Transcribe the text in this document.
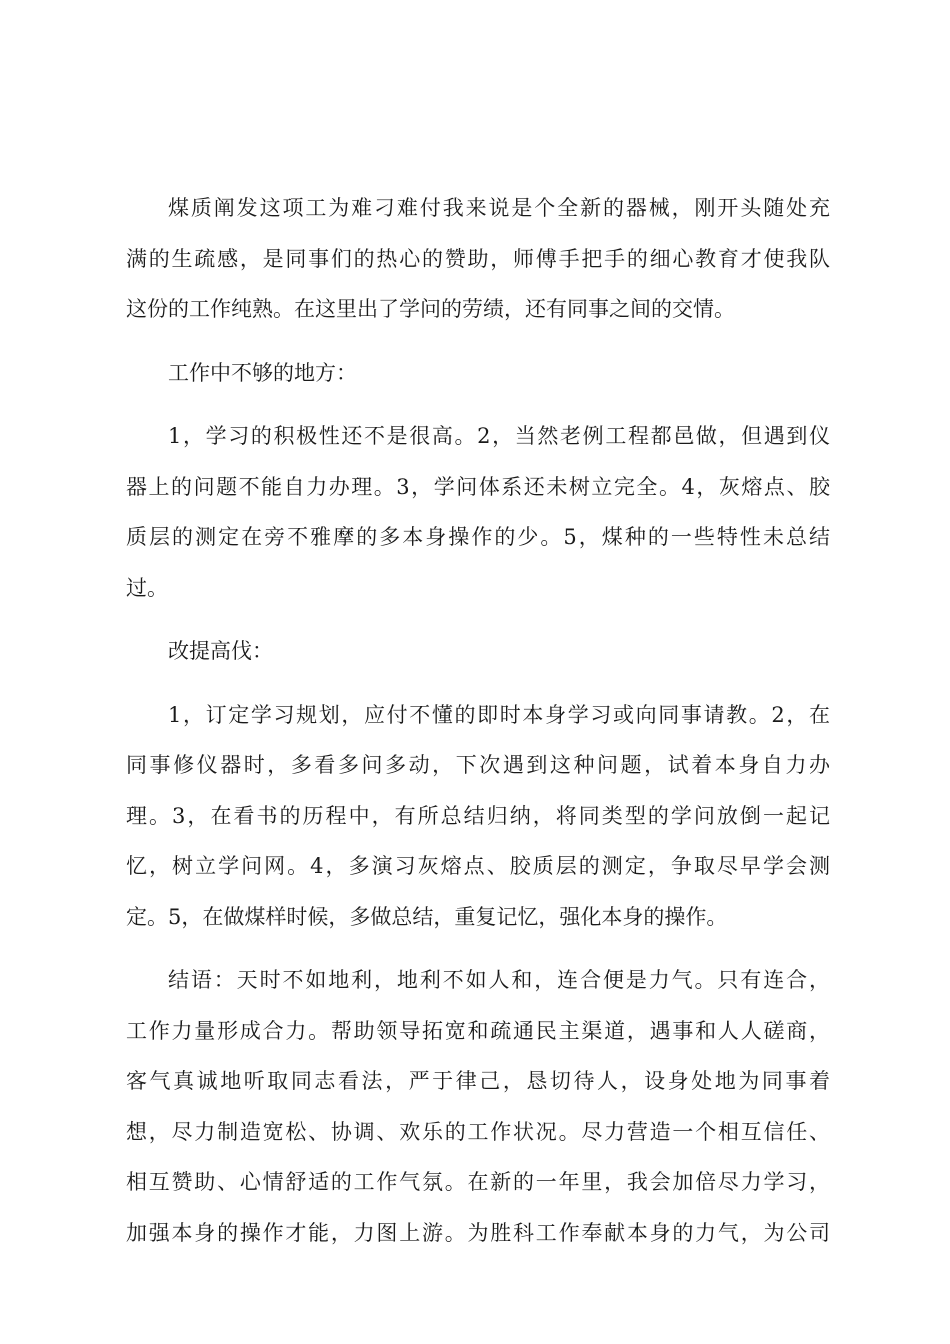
煤质阐发这项工为难刁难付我来说是个全新的器械，刚开头随处充
满的生疏感，是同事们的热心的赞助，师傅手把手的细心教育才使我队
这份的工作纯熟。在这里出了学问的劳绩，还有同事之间的交情。

工作中不够的地方：

1，学习的积极性还不是很高。2，当然老例工程都邑做，但遇到仪
器上的问题不能自力办理。3，学问体系还未树立完全。4，灰熔点、胶
质层的测定在旁不雅摩的多本身操作的少。5，煤种的一些特性未总结
过。

改提高伐：

1，订定学习规划，应付不懂的即时本身学习或向同事请教。2，在
同事修仪器时，多看多问多动，下次遇到这种问题，试着本身自力办
理。3，在看书的历程中，有所总结归纳，将同类型的学问放倒一起记
忆，树立学问网。4，多演习灰熔点、胶质层的测定，争取尽早学会测
定。5，在做煤样时候，多做总结，重复记忆，强化本身的操作。

结语：天时不如地利，地利不如人和，连合便是力气。只有连合，
工作力量形成合力。帮助领导拓宽和疏通民主渠道，遇事和人人磋商，
客气真诚地听取同志看法，严于律己，恳切待人，设身处地为同事着
想，尽力制造宽松、协调、欢乐的工作状况。尽力营造一个相互信任、
相互赞助、心情舒适的工作气氛。在新的一年里，我会加倍尽力学习，
加强本身的操作才能，力图上游。为胜科工作奉献本身的力气，为公司
